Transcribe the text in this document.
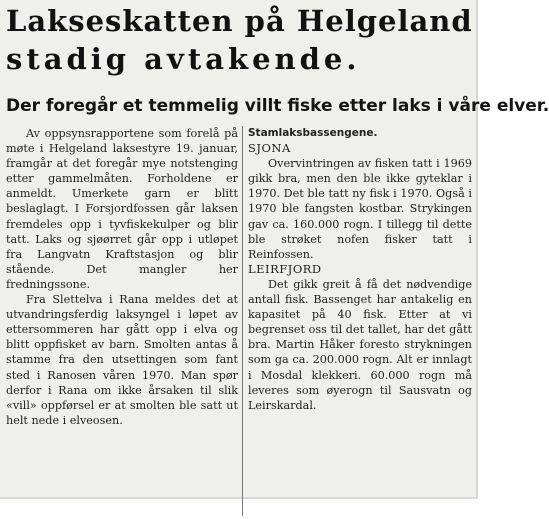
Lakseskatten på Helgeland
stadig avtakende.
Der foregår et temmelig villt fiske etter laks i våre elver.

Av oppsynsrapportene som forelå på møte i Helgeland laksestyre 19. januar, framgår at det foregår mye notstenging etter gammelmåten. Forholdene er anmeldt. Umerkete garn er blitt beslaglagt. I Forsjordfossen går laksen fremdeles opp i tyvfiskekulper og blir tatt. Laks og sjøørret går opp i utløpet fra Langvatn Kraftstasjon og blir stående. Det mangler her fredningssone.

Fra Slettelva i Rana meldes det at utvandringsferdig laksyngel i løpet av ettersommeren har gått opp i elva og blitt oppfisket av barn. Smolten antas å stamme fra den utsettingen som fant sted i Ranosen våren 1970. Man spør derfor i Rana om ikke årsaken til slik «vill» oppførsel er at smolten ble satt ut helt nede i elveosen.

Stamlaksbassengene.

SJONA

Overvintringen av fisken tatt i 1969 gikk bra, men den ble ikke gyteklar i 1970. Det ble tatt ny fisk i 1970. Også i 1970 ble fangsten kostbar. Strykingen gav ca. 160.000 rogn. I tillegg til dette ble strøket nofen fisker tatt i Reinfossen.

LEIRFJORD

Det gikk greit å få det nødvendige antall fisk. Bassenget har antakelig en kapasitet på 40 fisk. Etter at vi begrenset oss til det tallet, har det gått bra. Martin Håker foresto strykningen som ga ca. 200.000 rogn. Alt er innlagt i Mosdal klekkeri. 60.000 rogn må leveres som øyerogn til Sausvatn og Leirskardal.
